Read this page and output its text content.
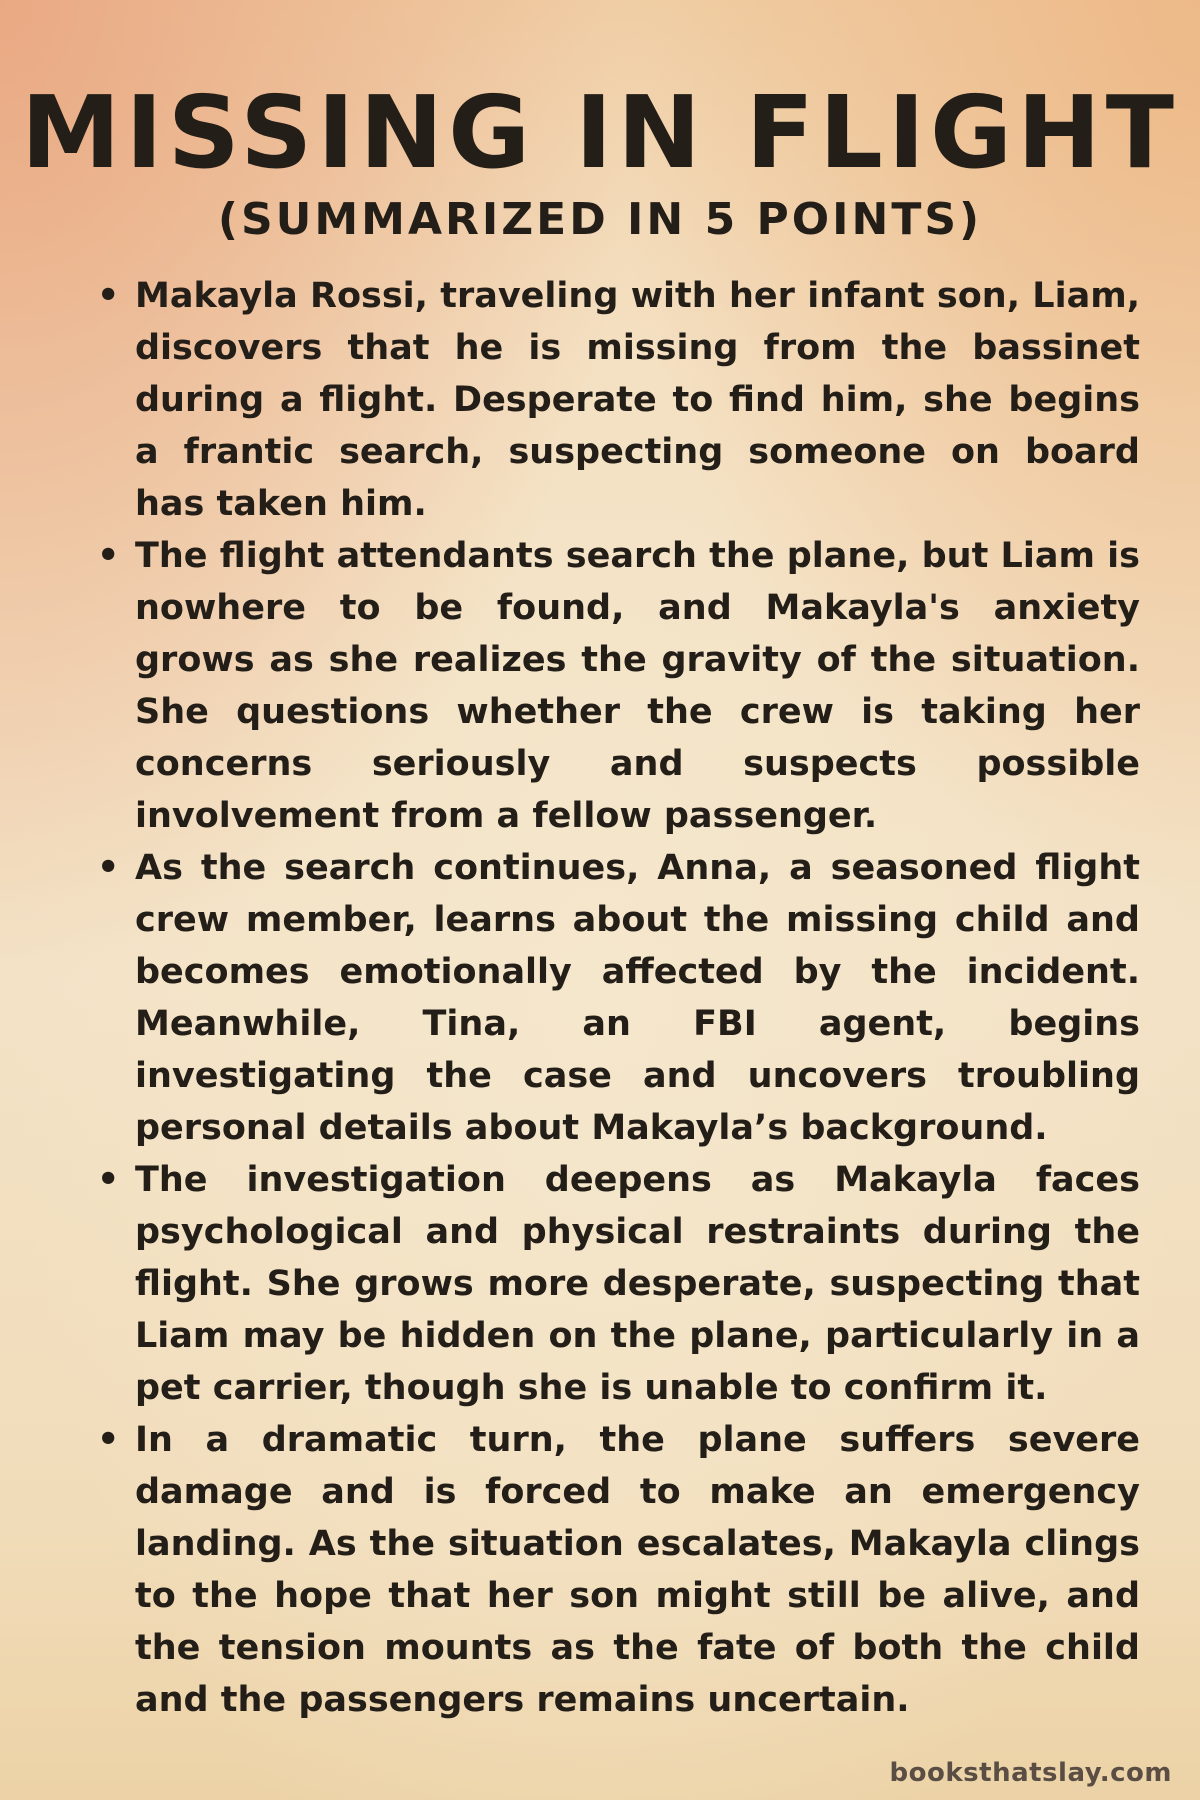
MISSING IN FLIGHT
(SUMMARIZED IN 5 POINTS)
• Makayla Rossi, traveling with her infant son, Liam, discovers that he is missing from the bassinet during a flight. Desperate to find him, she begins a frantic search, suspecting someone on board has taken him.
• The flight attendants search the plane, but Liam is nowhere to be found, and Makayla's anxiety grows as she realizes the gravity of the situation. She questions whether the crew is taking her concerns seriously and suspects possible involvement from a fellow passenger.
• As the search continues, Anna, a seasoned flight crew member, learns about the missing child and becomes emotionally affected by the incident. Meanwhile, Tina, an FBI agent, begins investigating the case and uncovers troubling personal details about Makayla’s background.
• The investigation deepens as Makayla faces psychological and physical restraints during the flight. She grows more desperate, suspecting that Liam may be hidden on the plane, particularly in a pet carrier, though she is unable to confirm it.
• In a dramatic turn, the plane suffers severe damage and is forced to make an emergency landing. As the situation escalates, Makayla clings to the hope that her son might still be alive, and the tension mounts as the fate of both the child and the passengers remains uncertain.
booksthatslay.com
